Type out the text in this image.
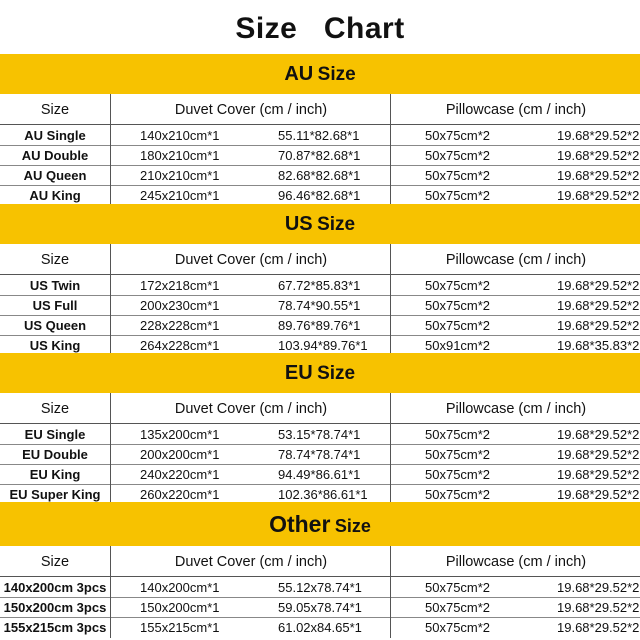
Size   Chart
AU Size
Size	Duvet Cover (cm / inch)	Pillowcase (cm / inch)
AU Single	140x210cm*1	55.11*82.68*1	50x75cm*2	19.68*29.52*2
AU Double	180x210cm*1	70.87*82.68*1	50x75cm*2	19.68*29.52*2
AU Queen	210x210cm*1	82.68*82.68*1	50x75cm*2	19.68*29.52*2
AU King	245x210cm*1	96.46*82.68*1	50x75cm*2	19.68*29.52*2
US Size
Size	Duvet Cover (cm / inch)	Pillowcase (cm / inch)
US Twin	172x218cm*1	67.72*85.83*1	50x75cm*2	19.68*29.52*2
US Full	200x230cm*1	78.74*90.55*1	50x75cm*2	19.68*29.52*2
US Queen	228x228cm*1	89.76*89.76*1	50x75cm*2	19.68*29.52*2
US King	264x228cm*1	103.94*89.76*1	50x91cm*2	19.68*35.83*2
EU Size
Size	Duvet Cover (cm / inch)	Pillowcase (cm / inch)
EU Single	135x200cm*1	53.15*78.74*1	50x75cm*2	19.68*29.52*2
EU Double	200x200cm*1	78.74*78.74*1	50x75cm*2	19.68*29.52*2
EU King	240x220cm*1	94.49*86.61*1	50x75cm*2	19.68*29.52*2
EU Super King	260x220cm*1	102.36*86.61*1	50x75cm*2	19.68*29.52*2
Other Size
Size	Duvet Cover (cm / inch)	Pillowcase (cm / inch)
140x200cm 3pcs	140x200cm*1	55.12x78.74*1	50x75cm*2	19.68*29.52*2
150x200cm 3pcs	150x200cm*1	59.05x78.74*1	50x75cm*2	19.68*29.52*2
155x215cm 3pcs	155x215cm*1	61.02x84.65*1	50x75cm*2	19.68*29.52*2
